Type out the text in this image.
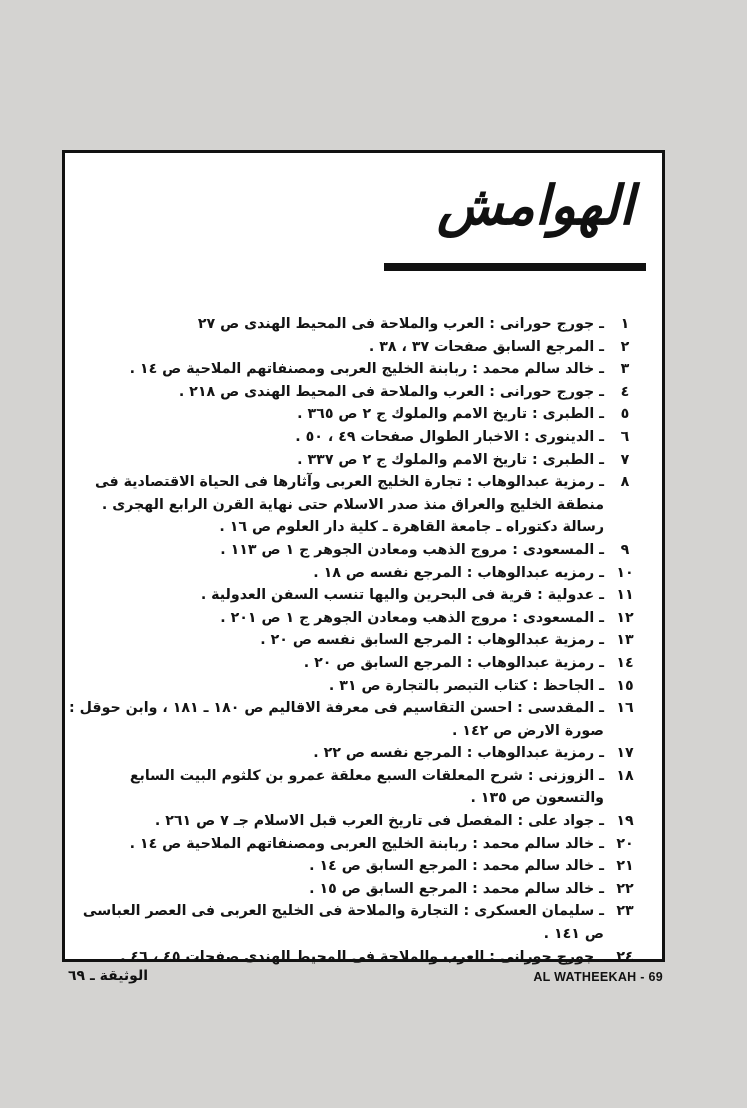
الهوامش
١
ـ جورج حورانى : العرب والملاحة فى المحيط الهندى ص ٢٧
٢
ـ المرجع السابق صفحات ٣٧ ، ٣٨ .
٣
ـ خالد سالم محمد : ربابنة الخليج العربى ومصنفاتهم الملاحية ص ١٤ .
٤
ـ جورج حورانى : العرب والملاحة فى المحيط الهندى ص ٢١٨ .
٥
ـ الطبرى : تاريخ الامم والملوك ج ٢ ص ٣٦٥ .
٦
ـ الدينورى : الاخبار الطوال صفحات ٤٩ ، ٥٠ .
٧
ـ الطبرى : تاريخ الامم والملوك ج ٢ ص ٣٣٧ .
٨
ـ رمزية عبدالوهاب : تجارة الخليج العربى وآثارها فى الحياة الاقتصادية فى
منطقة الخليج والعراق منذ صدر الاسلام حتى نهاية القرن الرابع الهجرى .
رسالة دكتوراه ـ جامعة القاهرة ـ كلية دار العلوم ص ١٦ .
٩
ـ المسعودى : مروج الذهب ومعادن الجوهر ج ١ ص ١١٣ .
١٠
ـ رمزيه عبدالوهاب : المرجع نفسه ص ١٨ .
١١
ـ عدولية : قرية فى البحرين واليها تنسب السفن العدولية .
١٢
ـ المسعودى : مروج الذهب ومعادن الجوهر ج ١ ص ٢٠١ .
١٣
ـ رمزية عبدالوهاب : المرجع السابق نفسه ص ٢٠ .
١٤
ـ رمزية عبدالوهاب : المرجع السابق ص ٢٠ .
١٥
ـ الجاحظ : كتاب التبصر بالتجارة ص ٣١ .
١٦
ـ المقدسى : احسن التقاسيم فى معرفة الاقاليم ص ١٨٠ ـ ١٨١ ، وابن حوقل :
صورة الارض ص ١٤٢ .
١٧
ـ رمزية عبدالوهاب : المرجع نفسه ص ٢٢ .
١٨
ـ الزوزنى : شرح المعلقات السبع معلقة عمرو بن كلثوم البيت السابع
والتسعون ص ١٣٥ .
١٩
ـ جواد على : المفصل فى تاريخ العرب قبل الاسلام جـ ٧ ص ٢٦١ .
٢٠
ـ خالد سالم محمد : ربابنة الخليج العربى ومصنفاتهم الملاحية ص ١٤ .
٢١
ـ خالد سالم محمد : المرجع السابق ص ١٤ .
٢٢
ـ خالد سالم محمد : المرجع السابق ص ١٥ .
٢٣
ـ سليمان العسكرى : التجارة والملاحة فى الخليج العربى فى العصر العباسى
ص ١٤١ .
٢٤
ـ جورج حورانى : العرب والملاحة فى المحيط الهندى صفحات ٤٥ ، ٤٦ .
الوثيقة ـ ٦٩	AL WATHEEKAH - 69
